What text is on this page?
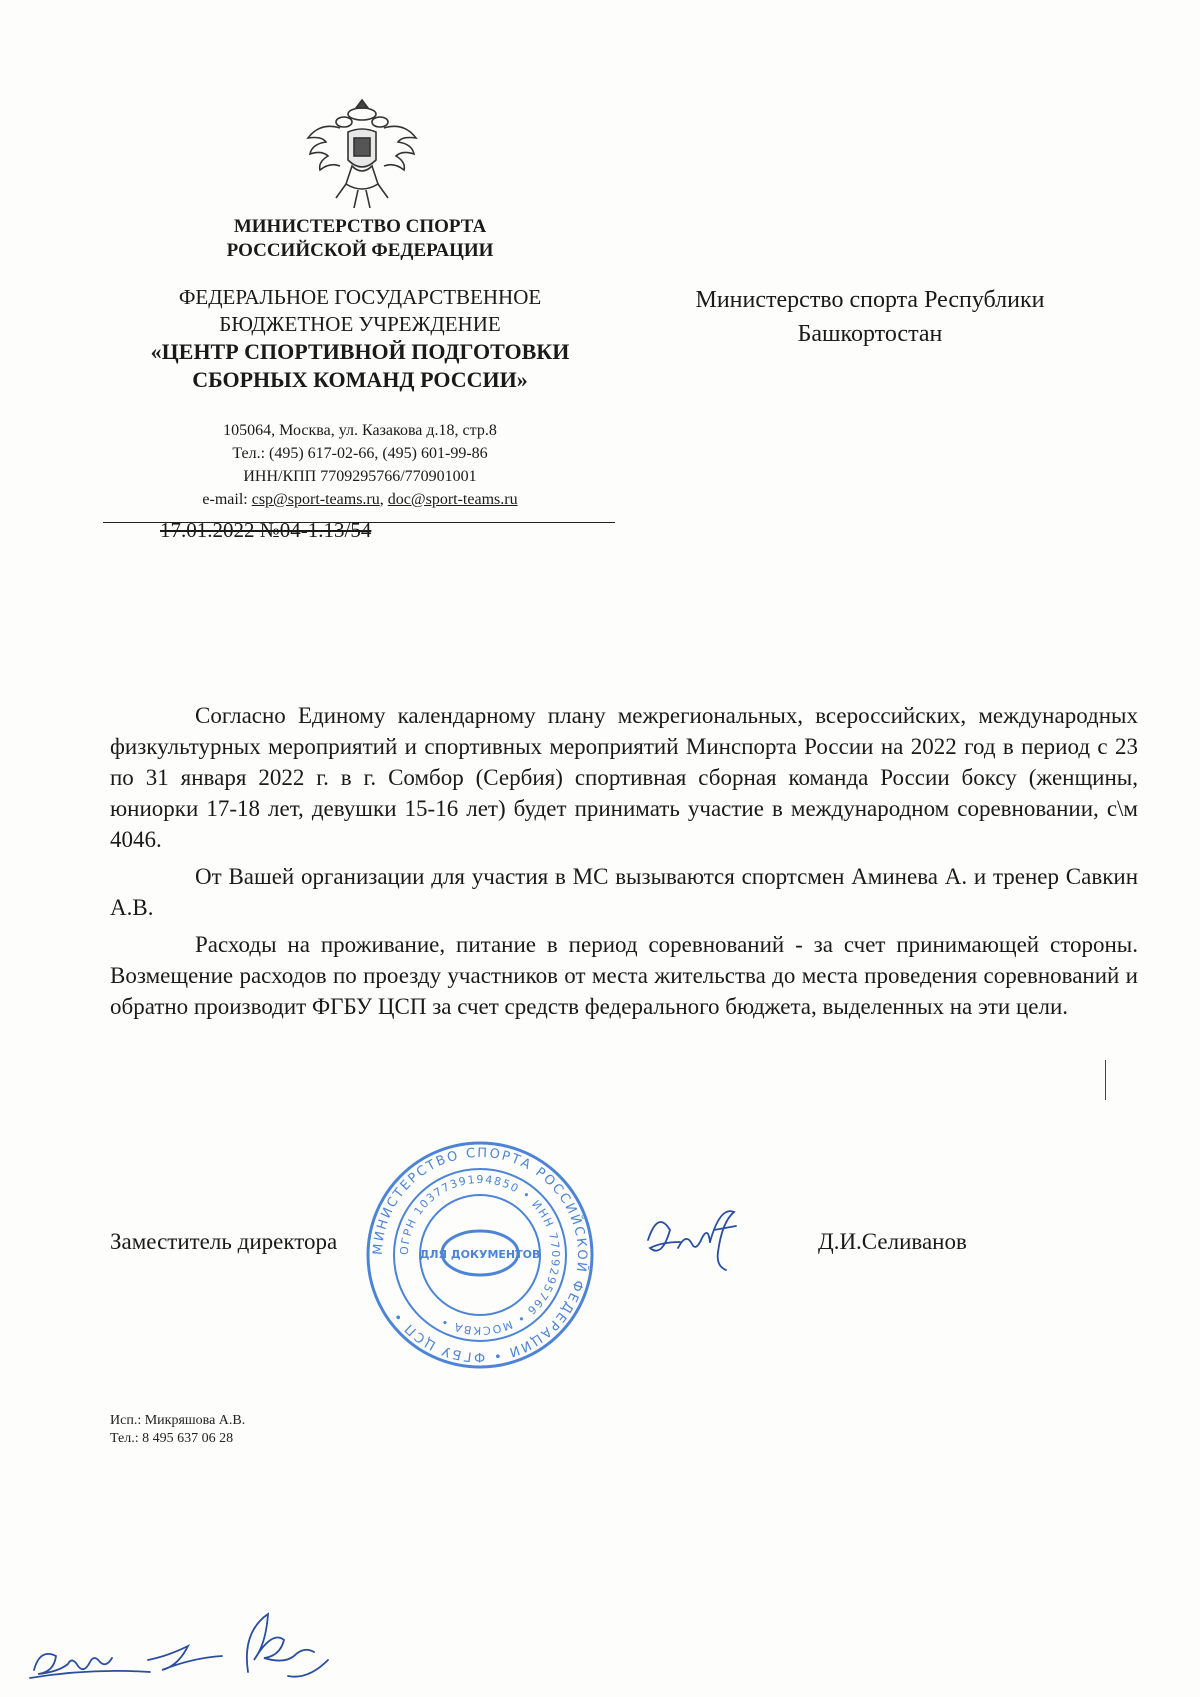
МИНИСТЕРСТВО СПОРТА
РОССИЙСКОЙ ФЕДЕРАЦИИ
ФЕДЕРАЛЬНОЕ ГОСУДАРСТВЕННОЕ
БЮДЖЕТНОЕ УЧРЕЖДЕНИЕ
«ЦЕНТР СПОРТИВНОЙ ПОДГОТОВКИ
СБОРНЫХ КОМАНД РОССИИ»
105064, Москва, ул. Казакова д.18, стр.8
Тел.: (495) 617-02-66, (495) 601-99-86
ИНН/КПП 7709295766/770901001
e-mail: csp@sport-teams.ru, doc@sport-teams.ru
17.01.2022 №04-1.13/54
Министерство спорта Республики
Башкортостан

Согласно Единому календарному плану межрегиональных, всероссийских, международных физкультурных мероприятий и спортивных мероприятий Минспорта России на 2022 год в период с 23 по 31 января 2022 г. в г. Сомбор (Сербия) спортивная сборная команда России боксу (женщины, юниорки 17-18 лет, девушки 15-16 лет) будет принимать участие в международном соревновании, с\м 4046.

От Вашей организации для участия в МС вызываются спортсмен Аминева А. и тренер Савкин А.В.

Расходы на проживание, питание в период соревнований - за счет принимающей стороны. Возмещение расходов по проезду участников от места жительства до места проведения соревнований и обратно производит ФГБУ ЦСП за счет средств федерального бюджета, выделенных на эти цели.

МИНИСТЕРСТВО СПОРТА РОССИЙСКОЙ ФЕДЕРАЦИИ • ФГБУ ЦСП •
ОГРН 1037739194850 • ИНН 7709295766 • МОСКВА •
ДЛЯ ДОКУМЕНТОВ
Заместитель директора	Д.И.Селиванов
Исп.: Микряшова А.В.
Тел.: 8 495 637 06 28
